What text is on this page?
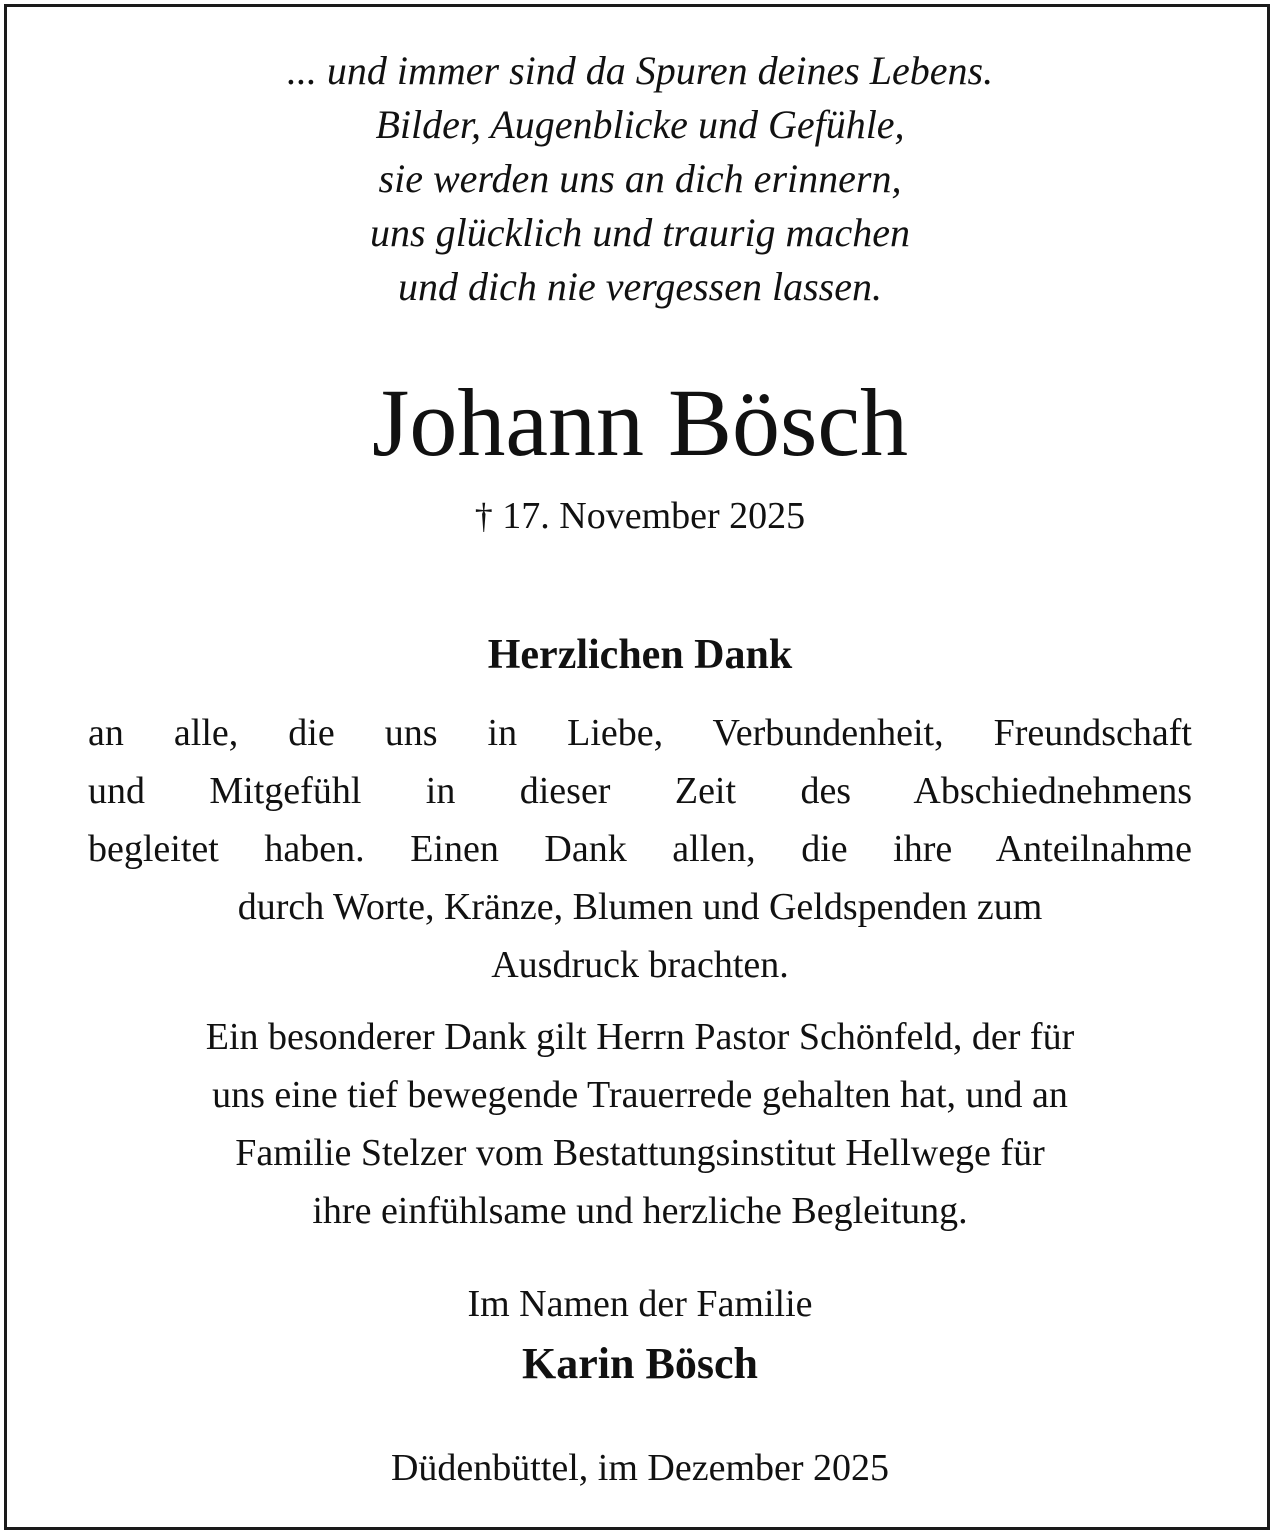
... und immer sind da Spuren deines Lebens.
Bilder, Augenblicke und Gefühle,
sie werden uns an dich erinnern,
uns glücklich und traurig machen
und dich nie vergessen lassen.
Johann Bösch
† 17. November 2025
Herzlichen Dank
an alle, die uns in Liebe, Verbundenheit, Freundschaft
und Mitgefühl in dieser Zeit des Abschiednehmens
begleitet haben. Einen Dank allen, die ihre Anteilnahme
durch Worte, Kränze, Blumen und Geldspenden zum
Ausdruck brachten.
Ein besonderer Dank gilt Herrn Pastor Schönfeld, der für
uns eine tief bewegende Trauerrede gehalten hat, und an
Familie Stelzer vom Bestattungsinstitut Hellwege für
ihre einfühlsame und herzliche Begleitung.
Im Namen der Familie
Karin Bösch
Düdenbüttel, im Dezember 2025
